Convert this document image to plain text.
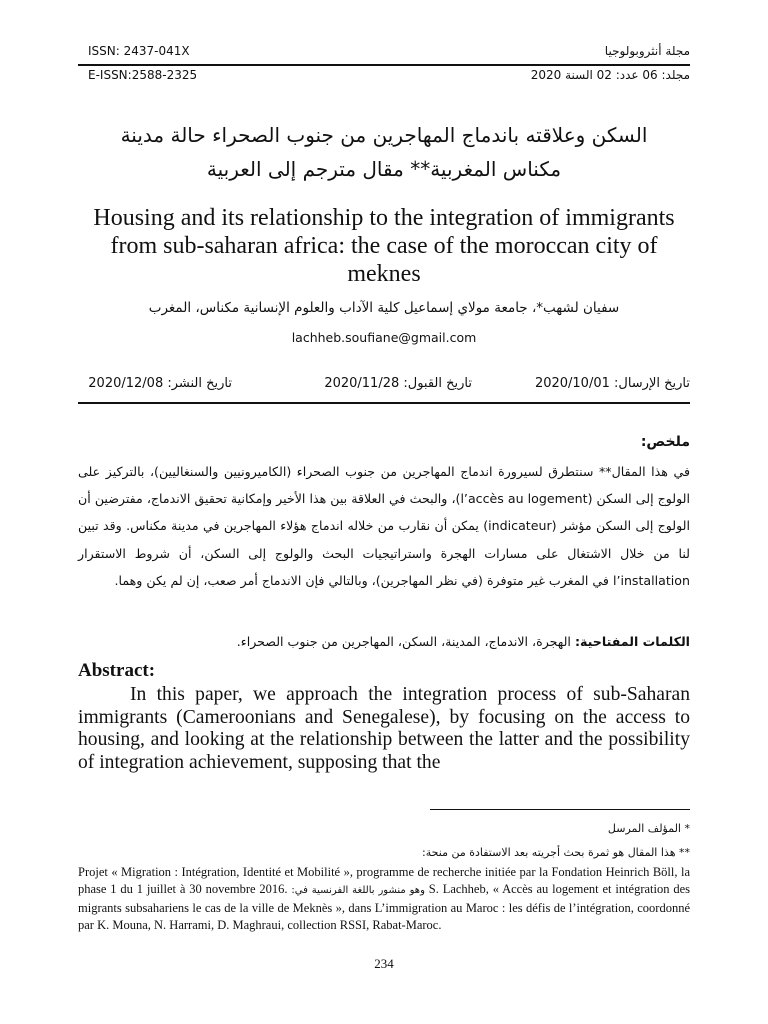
ISSN: 2437-041X	مجلة أنثروبولوجيا
E-ISSN:2588-2325	مجلد: 06 عدد: 02 السنة 2020
السكن وعلاقته باندماج المهاجرين من جنوب الصحراء حالة مدينة
مكناس المغربية** مقال مترجم إلى العربية
Housing and its relationship to the integration of immigrants from sub-saharan africa: the case of the moroccan city of meknes
سفيان لشهب*، جامعة مولاي إسماعيل كلية الآداب والعلوم الإنسانية مكناس، المغرب
lachheb.soufiane@gmail.com
تاريخ الإرسال: 2020/10/01
تاريخ القبول: 2020/11/28
تاريخ النشر: 2020/12/08
ملخص:
في هذا المقال** سنتطرق لسيرورة اندماج المهاجرين من جنوب الصحراء (الكاميرونيين والسنغاليين)، بالتركيز على الولوج إلى السكن (l’accès au logement)، والبحث في العلاقة بين هذا الأخير وإمكانية تحقيق الاندماج، مفترضين أن الولوج إلى السكن مؤشر (indicateur) يمكن أن نقارب من خلاله اندماج هؤلاء المهاجرين في مدينة مكناس. وقد تبين لنا من خلال الاشتغال على مسارات الهجرة واستراتيجيات البحث والولوج إلى السكن، أن شروط الاستقرار l’installation في المغرب غير متوفرة (في نظر المهاجرين)، وبالتالي فإن الاندماج أمر صعب، إن لم يكن وهما.
الكلمات المفتاحية: الهجرة، الاندماج، المدينة، السكن، المهاجرين من جنوب الصحراء.
Abstract:
In this paper, we approach the integration process of sub-Saharan immigrants (Cameroonians and Senegalese), by focusing on the access to housing, and looking at the relationship between the latter and the possibility of integration achievement, supposing that the
* المؤلف المرسل
** هذا المقال هو ثمرة بحث أجريته بعد الاستفادة من منحة:
Projet « Migration : Intégration, Identité et Mobilité », programme de recherche initiée par la Fondation Heinrich Böll, la phase 1 du 1 juillet à 30 novembre 2016. وهو منشور باللغة الفرنسية في: S. Lachheb, « Accès au logement et intégration des migrants subsahariens le cas de la ville de Meknès », dans L’immigration au Maroc : les défis de l’intégration, coordonné par K. Mouna, N. Harrami, D. Maghraui, collection RSSI, Rabat-Maroc.
234
